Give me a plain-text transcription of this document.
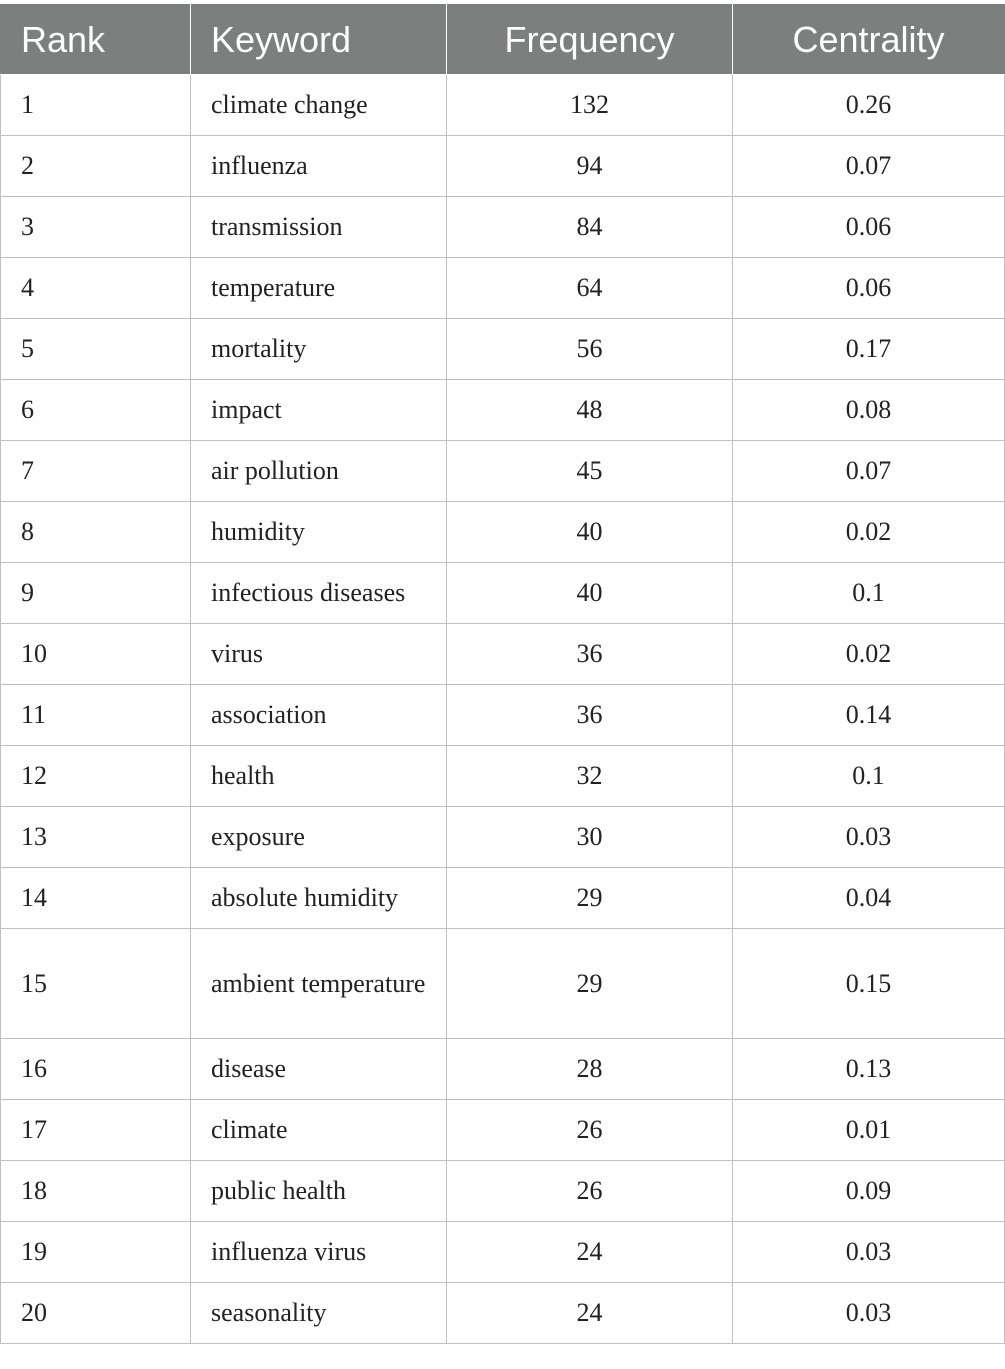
Rank	Keyword	Frequency	Centrality
1	climate change	132	0.26
2	influenza	94	0.07
3	transmission	84	0.06
4	temperature	64	0.06
5	mortality	56	0.17
6	impact	48	0.08
7	air pollution	45	0.07
8	humidity	40	0.02
9	infectious diseases	40	0.1
10	virus	36	0.02
11	association	36	0.14
12	health	32	0.1
13	exposure	30	0.03
14	absolute humidity	29	0.04
15	ambient temperature	29	0.15
16	disease	28	0.13
17	climate	26	0.01
18	public health	26	0.09
19	influenza virus	24	0.03
20	seasonality	24	0.03
